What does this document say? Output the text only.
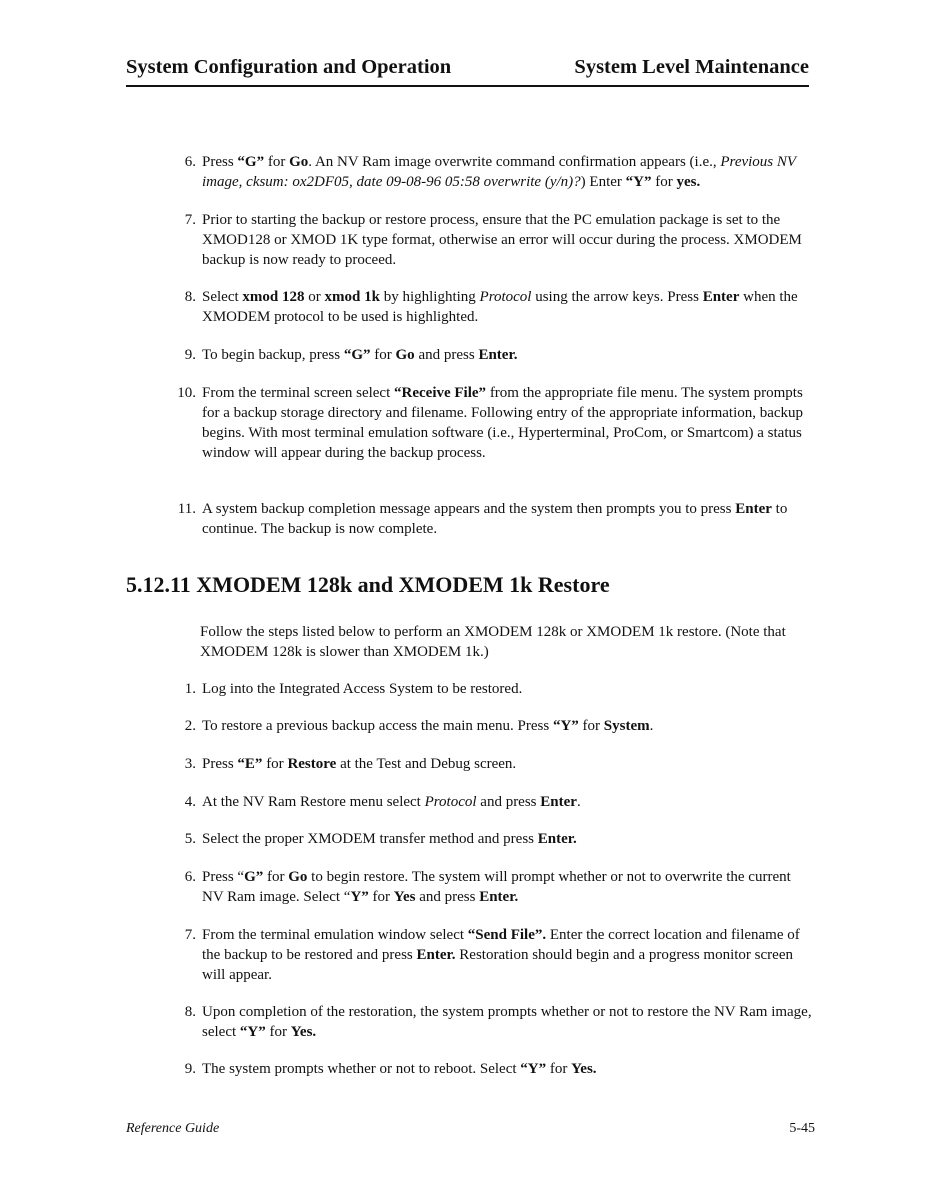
System Configuration and Operation	System Level Maintenance
6. Press “G” for Go. An NV Ram image overwrite command confirmation appears (i.e., Previous NV image, cksum: ox2DF05, date 09-08-96 05:58 overwrite (y/n)?) Enter “Y” for yes.
7. Prior to starting the backup or restore process, ensure that the PC emulation package is set to the XMOD128 or XMOD 1K type format, otherwise an error will occur during the process. XMODEM backup is now ready to proceed.
8. Select xmod 128 or xmod 1k by highlighting Protocol using the arrow keys. Press Enter when the XMODEM protocol to be used is highlighted.
9. To begin backup, press “G” for Go and press Enter.
10. From the terminal screen select “Receive File” from the appropriate file menu. The system prompts for a backup storage directory and filename. Following entry of the appropriate information, backup begins. With most terminal emulation software (i.e., Hyperterminal, ProCom, or Smartcom) a status window will appear during the backup process.
11. A system backup completion message appears and the system then prompts you to press Enter to continue. The backup is now complete.
5.12.11 XMODEM 128k and XMODEM 1k Restore
Follow the steps listed below to perform an XMODEM 128k or XMODEM 1k restore. (Note that XMODEM 128k is slower than XMODEM 1k.)
1. Log into the Integrated Access System to be restored.
2. To restore a previous backup access the main menu. Press “Y” for System.
3. Press “E” for Restore at the Test and Debug screen.
4. At the NV Ram Restore menu select Protocol and press Enter.
5. Select the proper XMODEM transfer method and press Enter.
6. Press “G” for Go to begin restore. The system will prompt whether or not to overwrite the current NV Ram image. Select “Y” for Yes and press Enter.
7. From the terminal emulation window select “Send File”. Enter the correct location and filename of the backup to be restored and press Enter. Restoration should begin and a progress monitor screen will appear.
8. Upon completion of the restoration, the system prompts whether or not to restore the NV Ram image, select “Y” for Yes.
9. The system prompts whether or not to reboot. Select “Y” for Yes.
Reference Guide	5-45
